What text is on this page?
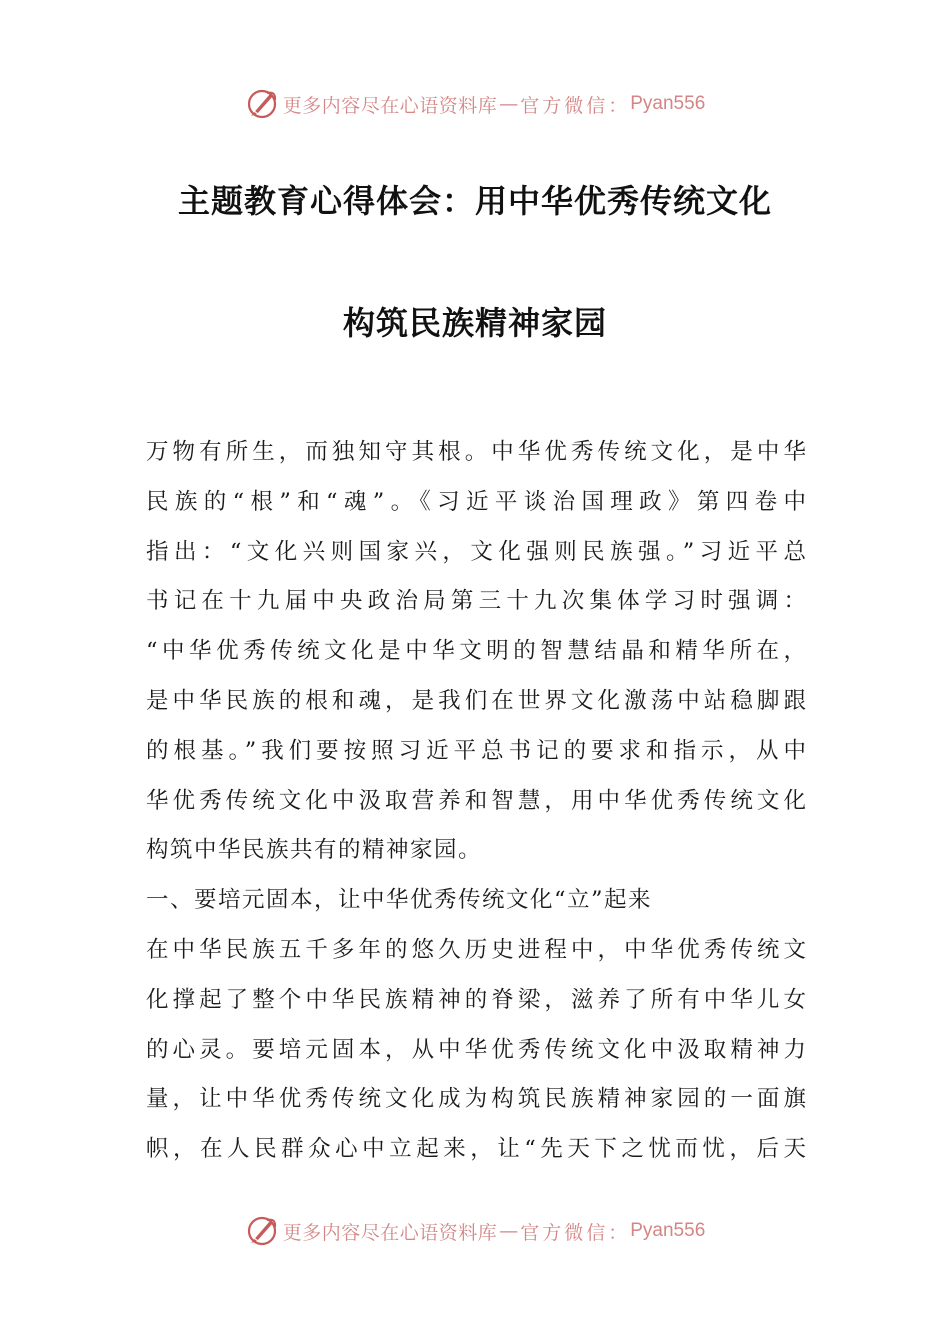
更多内容尽在心语资料库 — 官方微信： Pyan556
主题教育心得体会：用中华优秀传统文化
构筑民族精神家园
万物有所生，而独知守其根。中华优秀传统文化，是中华
民族的“根”和“魂”。《习近平谈治国理政》第四卷中
指出：“文化兴则国家兴，文化强则民族强。”习近平总
书记在十九届中央政治局第三十九次集体学习时强调：
“中华优秀传统文化是中华文明的智慧结晶和精华所在，
是中华民族的根和魂，是我们在世界文化激荡中站稳脚跟
的根基。”我们要按照习近平总书记的要求和指示，从中
华优秀传统文化中汲取营养和智慧，用中华优秀传统文化
构筑中华民族共有的精神家园。
一、要培元固本，让中华优秀传统文化“立”起来
在中华民族五千多年的悠久历史进程中，中华优秀传统文
化撑起了整个中华民族精神的脊梁，滋养了所有中华儿女
的心灵。要培元固本，从中华优秀传统文化中汲取精神力
量，让中华优秀传统文化成为构筑民族精神家园的一面旗
帜，在人民群众心中立起来，让“先天下之忧而忧，后天
更多内容尽在心语资料库 — 官方微信： Pyan556
